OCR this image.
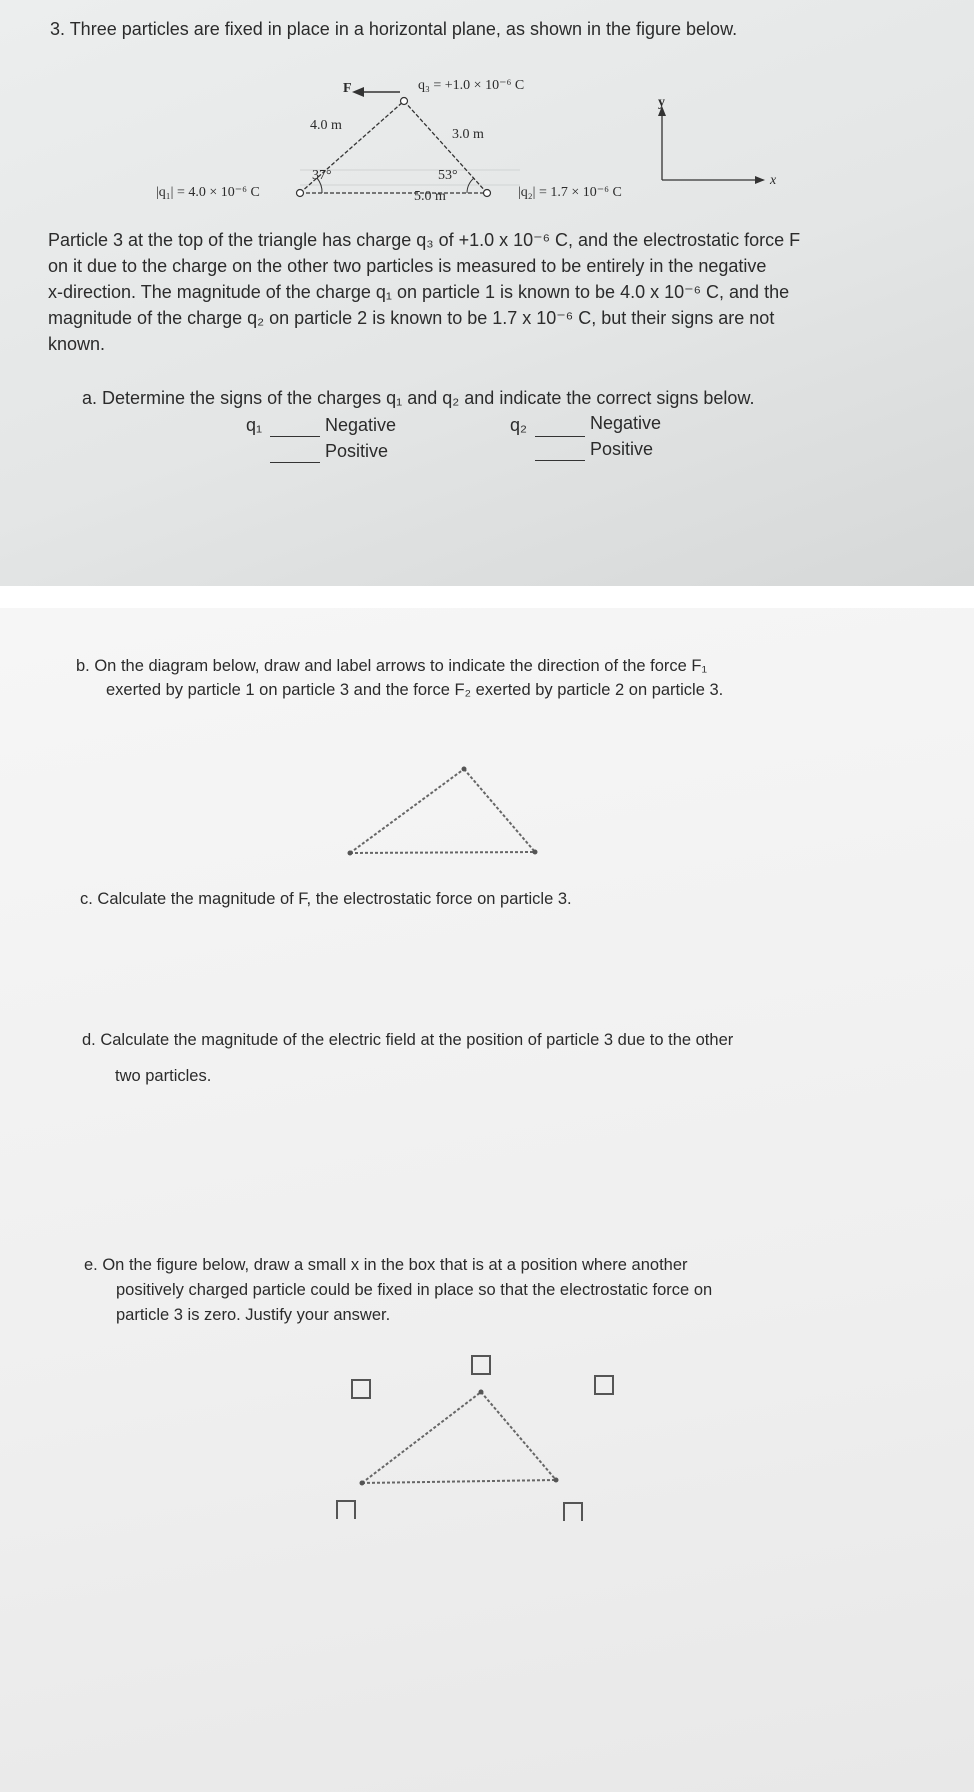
3. Three particles are fixed in place in a horizontal plane, as shown in the figure below.
F	q₃ = +1.0 × 10⁻⁶ C
4.0 m
3.0 m
5.0 m
37°	53°
|q₁| = 4.0 × 10⁻⁶ C	|q₂| = 1.7 × 10⁻⁶ C
y
x
Particle 3 at the top of the triangle has charge q₃ of +1.0 x 10⁻⁶ C, and the electrostatic force F
on it due to the charge on the other two particles is measured to be entirely in the negative
x-direction. The magnitude of the charge q₁ on particle 1 is known to be 4.0 x 10⁻⁶ C, and the
magnitude of the charge q₂ on particle 2 is known to be 1.7 x 10⁻⁶ C, but their signs are not
known.
a. Determine the signs of the charges q₁ and q₂ and indicate the correct signs below.
q₁	Negative
Positive
q₂	Negative
Positive
b. On the diagram below, draw and label arrows to indicate the direction of the force F₁
exerted by particle 1 on particle 3 and the force F₂ exerted by particle 2 on particle 3.
c. Calculate the magnitude of F, the electrostatic force on particle 3.
d. Calculate the magnitude of the electric field at the position of particle 3 due to the other
two particles.
e. On the figure below, draw a small x in the box that is at a position where another
positively charged particle could be fixed in place so that the electrostatic force on
particle 3 is zero. Justify your answer.
